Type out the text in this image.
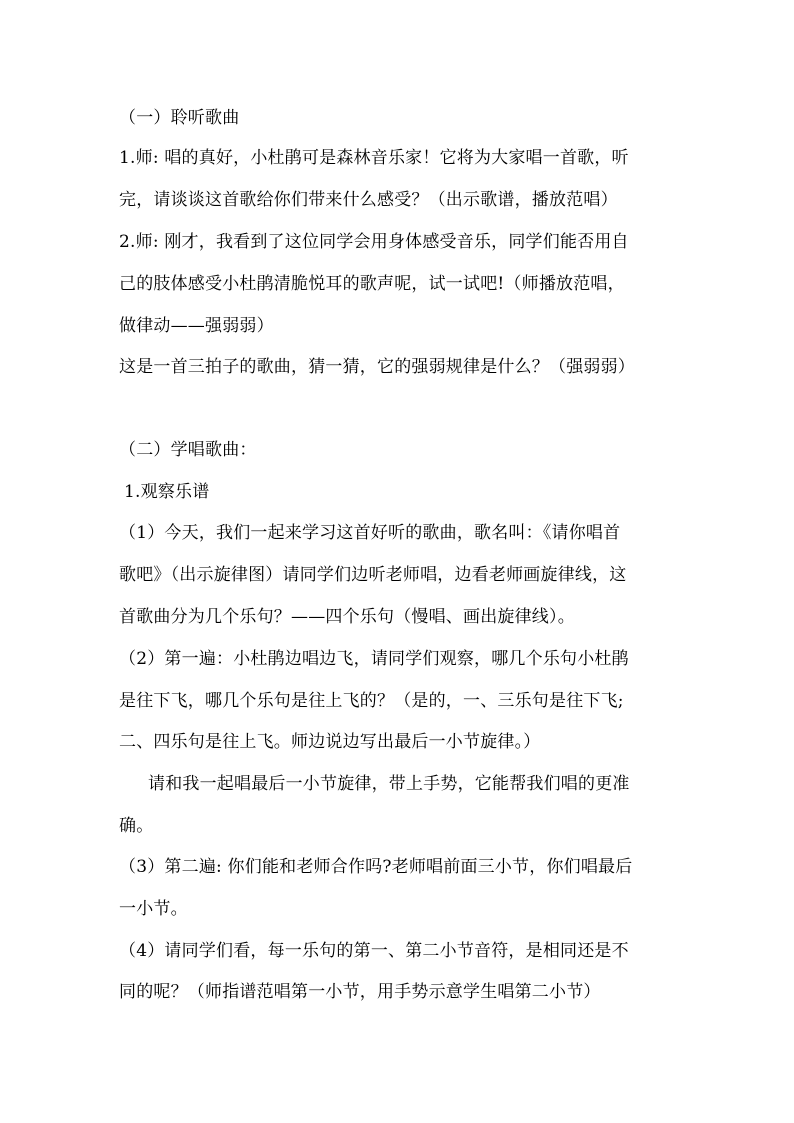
（一）聆听歌曲
1.师: 唱的真好，小杜鹃可是森林音乐家！它将为大家唱一首歌，听
完，请谈谈这首歌给你们带来什么感受？（出示歌谱，播放范唱）
2.师: 刚才，我看到了这位同学会用身体感受音乐，同学们能否用自
己的肢体感受小杜鹃清脆悦耳的歌声呢，试一试吧!（师播放范唱，
做律动——强弱弱）
这是一首三拍子的歌曲，猜一猜，它的强弱规律是什么？（强弱弱）
（二）学唱歌曲：
1.观察乐谱
（1）今天，我们一起来学习这首好听的歌曲，歌名叫：《请你唱首
歌吧》（出示旋律图）请同学们边听老师唱，边看老师画旋律线，这
首歌曲分为几个乐句？——四个乐句（慢唱、画出旋律线）。
（2）第一遍：小杜鹃边唱边飞，请同学们观察，哪几个乐句小杜鹃
是往下飞，哪几个乐句是往上飞的？（是的，一、三乐句是往下飞;
二、四乐句是往上飞。师边说边写出最后一小节旋律。）
请和我一起唱最后一小节旋律，带上手势，它能帮我们唱的更准
确。
（3）第二遍: 你们能和老师合作吗?老师唱前面三小节，你们唱最后
一小节。
（4）请同学们看，每一乐句的第一、第二小节音符，是相同还是不
同的呢？（师指谱范唱第一小节，用手势示意学生唱第二小节）
